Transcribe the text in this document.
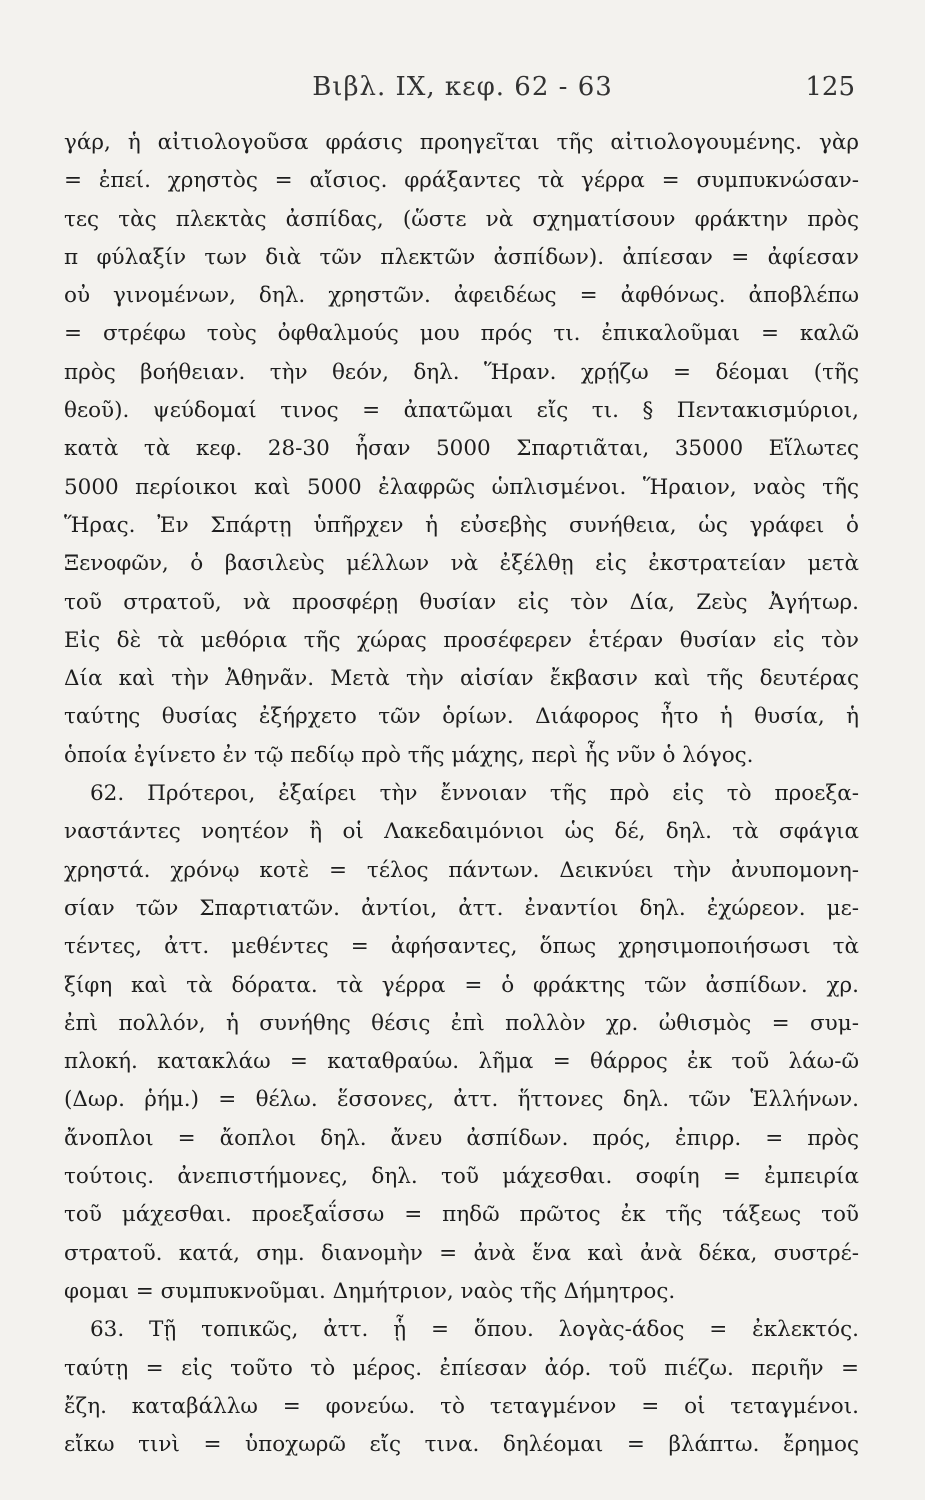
Βιβλ. ΙΧ, κεφ. 62 - 63	125
γάρ, ἡ αἰτιολογοῦσα φράσις προηγεῖται τῆς αἰτιολογουμένης. γὰρ
= ἐπεί. χρηστὸς = αἴσιος. φράξαντες τὰ γέρρα = συμπυκνώσαν-
τες τὰς πλεκτὰς ἀσπίδας, (ὥστε νὰ σχηματίσουν φράκτην πρὸς
π φύλαξίν των διὰ τῶν πλεκτῶν ἀσπίδων). ἀπίεσαν = ἀφίεσαν
οὐ γινομένων, δηλ. χρηστῶν. ἀφειδέως = ἀφθόνως. ἀποβλέπω
= στρέφω τοὺς ὀφθαλμούς μου πρός τι. ἐπικαλοῦμαι = καλῶ
πρὸς βοήθειαν. τὴν θεόν, δηλ. Ἥραν. χρῄζω = δέομαι (τῆς
θεοῦ). ψεύδομαί τινος = ἀπατῶμαι εἴς τι. § Πεντακισμύριοι,
κατὰ τὰ κεφ. 28-30 ἦσαν 5000 Σπαρτιᾶται, 35000 Εἵλωτες
5000 περίοικοι καὶ 5000 ἐλαφρῶς ὡπλισμένοι. Ἥραιον, ναὸς τῆς
Ἥρας. Ἐν Σπάρτῃ ὑπῆρχεν ἡ εὐσεβὴς συνήθεια, ὡς γράφει ὁ
Ξενοφῶν, ὁ βασιλεὺς μέλλων νὰ ἐξέλθῃ εἰς ἐκστρατείαν μετὰ
τοῦ στρατοῦ, νὰ προσφέρῃ θυσίαν εἰς τὸν Δία, Ζεὺς Ἀγήτωρ.
Εἰς δὲ τὰ μεθόρια τῆς χώρας προσέφερεν ἑτέραν θυσίαν εἰς τὸν
Δία καὶ τὴν Ἀθηνᾶν. Μετὰ τὴν αἰσίαν ἔκβασιν καὶ τῆς δευτέρας
ταύτης θυσίας ἐξήρχετο τῶν ὁρίων. Διάφορος ἦτο ἡ θυσία, ἡ
ὁποία ἐγίνετο ἐν τῷ πεδίῳ πρὸ τῆς μάχης, περὶ ἧς νῦν ὁ λόγος.
62. Πρότεροι, ἐξαίρει τὴν ἔννοιαν τῆς πρὸ εἰς τὸ προεξα-
ναστάντες νοητέον ἢ οἱ Λακεδαιμόνιοι ὡς δέ, δηλ. τὰ σφάγια
χρηστά. χρόνῳ κοτὲ = τέλος πάντων. Δεικνύει τὴν ἀνυπομονη-
σίαν τῶν Σπαρτιατῶν. ἀντίοι, ἀττ. ἐναντίοι δηλ. ἐχώρεον. με-
τέντες, ἀττ. μεθέντες = ἀφήσαντες, ὅπως χρησιμοποιήσωσι τὰ
ξίφη καὶ τὰ δόρατα. τὰ γέρρα = ὁ φράκτης τῶν ἀσπίδων. χρ.
ἐπὶ πολλόν, ἡ συνήθης θέσις ἐπὶ πολλὸν χρ. ὠθισμὸς = συμ-
πλοκή. κατακλάω = καταθραύω. λῆμα = θάρρος ἐκ τοῦ λάω-ῶ
(Δωρ. ῥήμ.) = θέλω. ἕσσονες, ἀττ. ἥττονες δηλ. τῶν Ἑλλήνων.
ἄνοπλοι = ἄοπλοι δηλ. ἄνευ ἀσπίδων. πρός, ἐπιρρ. = πρὸς
τούτοις. ἀνεπιστήμονες, δηλ. τοῦ μάχεσθαι. σοφίη = ἐμπειρία
τοῦ μάχεσθαι. προεξαΐσσω = πηδῶ πρῶτος ἐκ τῆς τάξεως τοῦ
στρατοῦ. κατά, σημ. διανομὴν = ἀνὰ ἕνα καὶ ἀνὰ δέκα, συστρέ-
φομαι = συμπυκνοῦμαι. Δημήτριον, ναὸς τῆς Δήμητρος.
63. Τῇ τοπικῶς, ἀττ. ᾗ = ὅπου. λογὰς-άδος = ἐκλεκτός.
ταύτῃ = εἰς τοῦτο τὸ μέρος. ἐπίεσαν ἀόρ. τοῦ πιέζω. περιῆν =
ἔζη. καταβάλλω = φονεύω. τὸ τεταγμένον = οἱ τεταγμένοι.
εἴκω τινὶ = ὑποχωρῶ εἴς τινα. δηλέομαι = βλάπτω. ἔρημος
